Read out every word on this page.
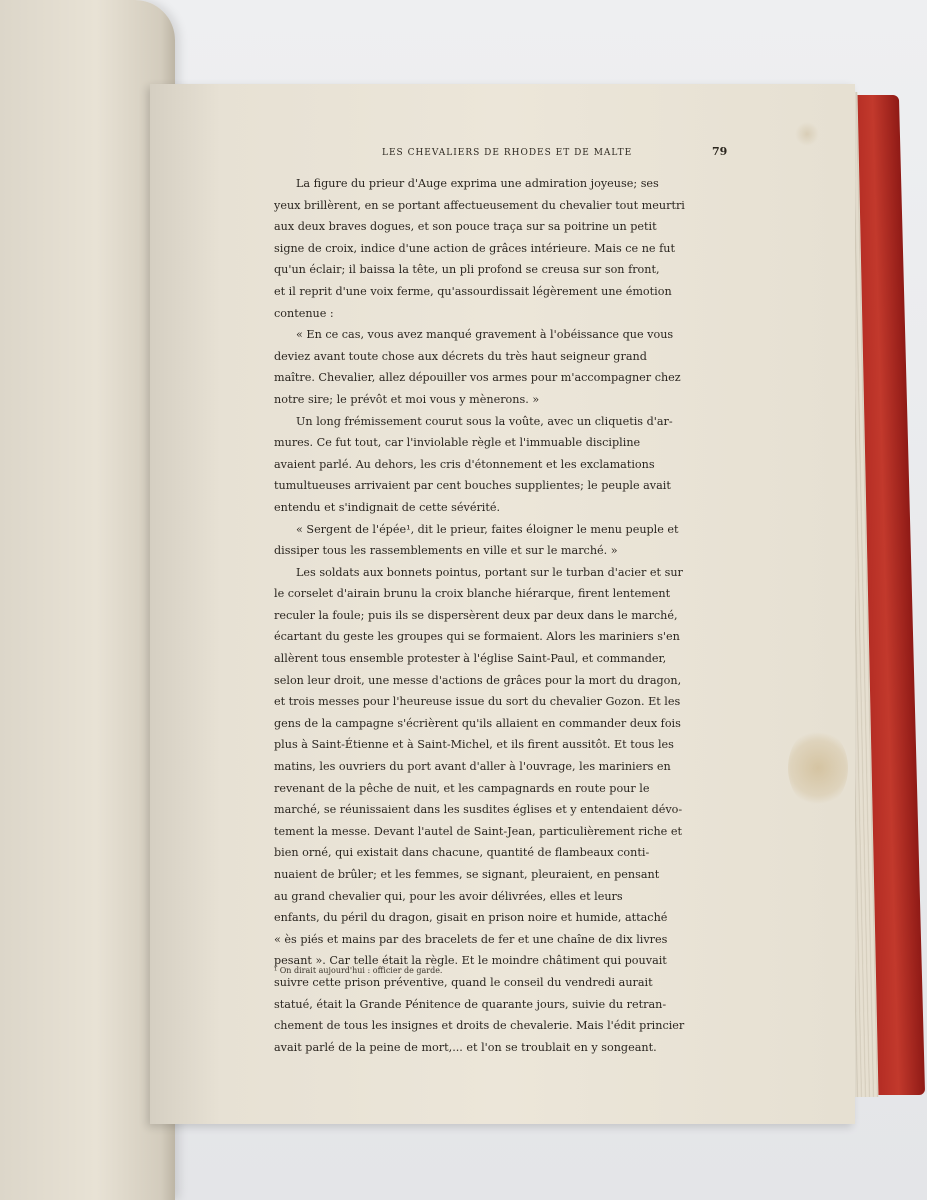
LES CHEVALIERS DE RHODES ET DE MALTE	79
La figure du prieur d'Auge exprima une admiration joyeuse; ses
yeux brillèrent, en se portant affectueusement du chevalier tout meurtri
aux deux braves dogues, et son pouce traça sur sa poitrine un petit
signe de croix, indice d'une action de grâces intérieure. Mais ce ne fut
qu'un éclair; il baissa la tête, un pli profond se creusa sur son front,
et il reprit d'une voix ferme, qu'assourdissait légèrement une émotion
contenue :
« En ce cas, vous avez manqué gravement à l'obéissance que vous
deviez avant toute chose aux décrets du très haut seigneur grand
maître. Chevalier, allez dépouiller vos armes pour m'accompagner chez
notre sire; le prévôt et moi vous y mènerons. »
Un long frémissement courut sous la voûte, avec un cliquetis d'ar-
mures. Ce fut tout, car l'inviolable règle et l'immuable discipline
avaient parlé. Au dehors, les cris d'étonnement et les exclamations
tumultueuses arrivaient par cent bouches supplientes; le peuple avait
entendu et s'indignait de cette sévérité.
« Sergent de l'épée¹, dit le prieur, faites éloigner le menu peuple et
dissiper tous les rassemblements en ville et sur le marché. »
Les soldats aux bonnets pointus, portant sur le turban d'acier et sur
le corselet d'airain brunu la croix blanche hiérarque, firent lentement
reculer la foule; puis ils se dispersèrent deux par deux dans le marché,
écartant du geste les groupes qui se formaient. Alors les mariniers s'en
allèrent tous ensemble protester à l'église Saint-Paul, et commander,
selon leur droit, une messe d'actions de grâces pour la mort du dragon,
et trois messes pour l'heureuse issue du sort du chevalier Gozon. Et les
gens de la campagne s'écrièrent qu'ils allaient en commander deux fois
plus à Saint-Étienne et à Saint-Michel, et ils firent aussitôt. Et tous les
matins, les ouvriers du port avant d'aller à l'ouvrage, les mariniers en
revenant de la pêche de nuit, et les campagnards en route pour le
marché, se réunissaient dans les susdites églises et y entendaient dévo-
tement la messe. Devant l'autel de Saint-Jean, particulièrement riche et
bien orné, qui existait dans chacune, quantité de flambeaux conti-
nuaient de brûler; et les femmes, se signant, pleuraient, en pensant
au grand chevalier qui, pour les avoir délivrées, elles et leurs
enfants, du péril du dragon, gisait en prison noire et humide, attaché
« ès piés et mains par des bracelets de fer et une chaîne de dix livres
pesant ». Car telle était la règle. Et le moindre châtiment qui pouvait
suivre cette prison préventive, quand le conseil du vendredi aurait
statué, était la Grande Pénitence de quarante jours, suivie du retran-
chement de tous les insignes et droits de chevalerie. Mais l'édit princier
avait parlé de la peine de mort,... et l'on se troublait en y songeant.
¹ On dirait aujourd'hui : officier de garde.
